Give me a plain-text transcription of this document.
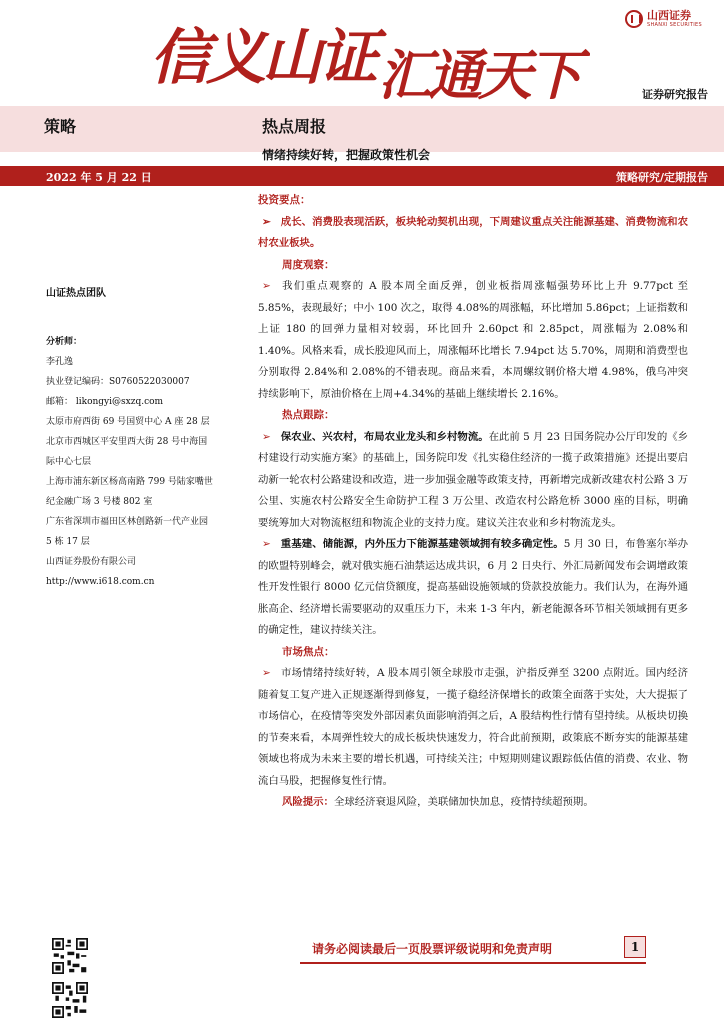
信义山证 汇通天下
山西证券
SHANXI SECURITIES
证券研究报告
策略	热点周报
情绪持续好转，把握政策性机会
2022 年 5 月 22 日	策略研究/定期报告
山证热点团队
分析师：
李孔逸
执业登记编码：S0760522030007
邮箱： likongyi@sxzq.com
太原市府西街 69 号国贸中心 A 座 28 层
北京市西城区平安里西大街 28 号中海国
际中心七层
上海市浦东新区杨高南路 799 号陆家嘴世
纪金融广场 3 号楼 802 室
广东省深圳市福田区林创路新一代产业园
5 栋 17 层
山西证券股份有限公司
http://www.i618.com.cn
投资要点：
➢ 成长、消费股表现活跃，板块轮动契机出现，下周建议重点关注能源基建、消费物流和农村农业板块。
周度观察：
➢ 我们重点观察的 A 股本周全面反弹，创业板指周涨幅强势环比上升 9.77pct 至 5.85%，表现最好；中小 100 次之，取得 4.08%的周涨幅，环比增加 5.86pct；上证指数和上证 180 的回弹力量相对较弱，环比回升 2.60pct 和 2.85pct，周涨幅为 2.08%和 1.40%。风格来看，成长股迎风而上，周涨幅环比增长 7.94pct 达 5.70%，周期和消费型也分别取得 2.84%和 2.08%的不错表现。商品来看，本周螺纹钢价格大增 4.98%，俄乌冲突持续影响下，原油价格在上周+4.34%的基础上继续增长 2.16%。
热点跟踪：
➢ 保农业、兴农村，布局农业龙头和乡村物流。在此前 5 月 23 日国务院办公厅印发的《乡村建设行动实施方案》的基础上，国务院印发《扎实稳住经济的一揽子政策措施》还提出要启动新一轮农村公路建设和改造，进一步加强金融等政策支持，再新增完成新改建农村公路 3 万公里、实施农村公路安全生命防护工程 3 万公里、改造农村公路危桥 3000 座的目标，明确要统筹加大对物流枢纽和物流企业的支持力度。建议关注农业和乡村物流龙头。
➢ 重基建、储能源，内外压力下能源基建领域拥有较多确定性。5 月 30 日，布鲁塞尔举办的欧盟特别峰会，就对俄实施石油禁运达成共识，6 月 2 日央行、外汇局新闻发布会调增政策性开发性银行 8000 亿元信贷额度，提高基础设施领域的贷款投放能力。我们认为，在海外通胀高企、经济增长需要驱动的双重压力下，未来 1-3 年内，新老能源各环节相关领域拥有更多的确定性，建议持续关注。
市场焦点：
➢ 市场情绪持续好转，A 股本周引领全球股市走强，沪指反弹至 3200 点附近。国内经济随着复工复产进入正规逐渐得到修复，一揽子稳经济保增长的政策全面落于实处，大大提振了市场信心，在疫情等突发外部因素负面影响消弭之后，A 股结构性行情有望持续。从板块切换的节奏来看，本周弹性较大的成长板块快速发力，符合此前预期，政策底不断夯实的能源基建领域也将成为未来主要的增长机遇，可持续关注；中短期则建议跟踪低估值的消费、农业、物流白马股，把握修复性行情。
风险提示：全球经济衰退风险，美联储加快加息，疫情持续超预期。
请务必阅读最后一页股票评级说明和免责声明	1
